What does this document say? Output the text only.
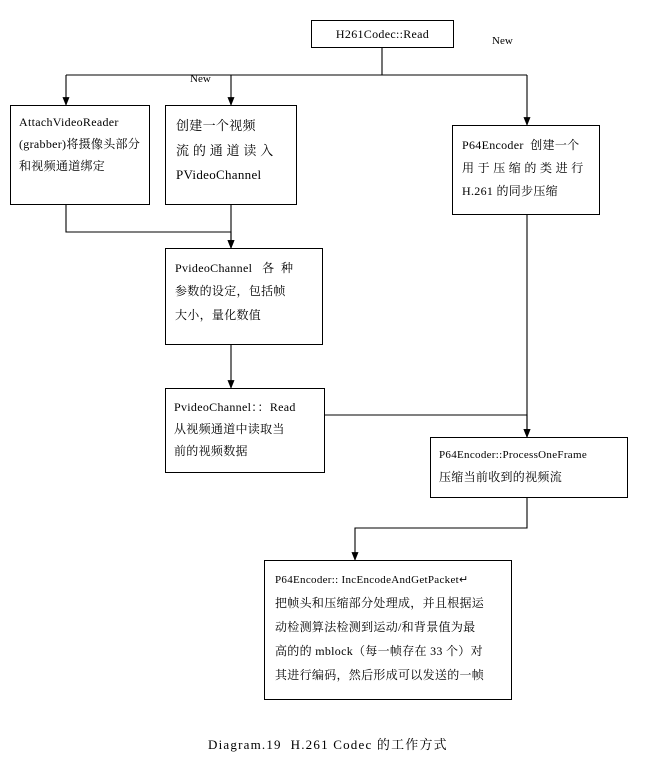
H261Codec::Read
New
New
AttachVideoReader
(grabber)将摄像头部分
和视频通道绑定
创建一个视频
流 的 通 道 读 入
PVideoChannel
P64Encoder  创建一个
用 于 压 缩 的 类 进 行
H.261 的同步压缩
PvideoChannel   各  种
参数的设定，包括帧
大小，量化数值
PvideoChannel：：Read
从视频通道中读取当
前的视频数据	P64Encoder::ProcessOneFrame
压缩当前收到的视频流
P64Encoder:: IncEncodeAndGetPacket↵
把帧头和压缩部分处理成，并且根据运
动检测算法检测到运动/和背景值为最
高的的 mblock（每一帧存在 33 个）对
其进行编码，然后形成可以发送的一帧
Diagram.19  H.261 Codec 的工作方式
